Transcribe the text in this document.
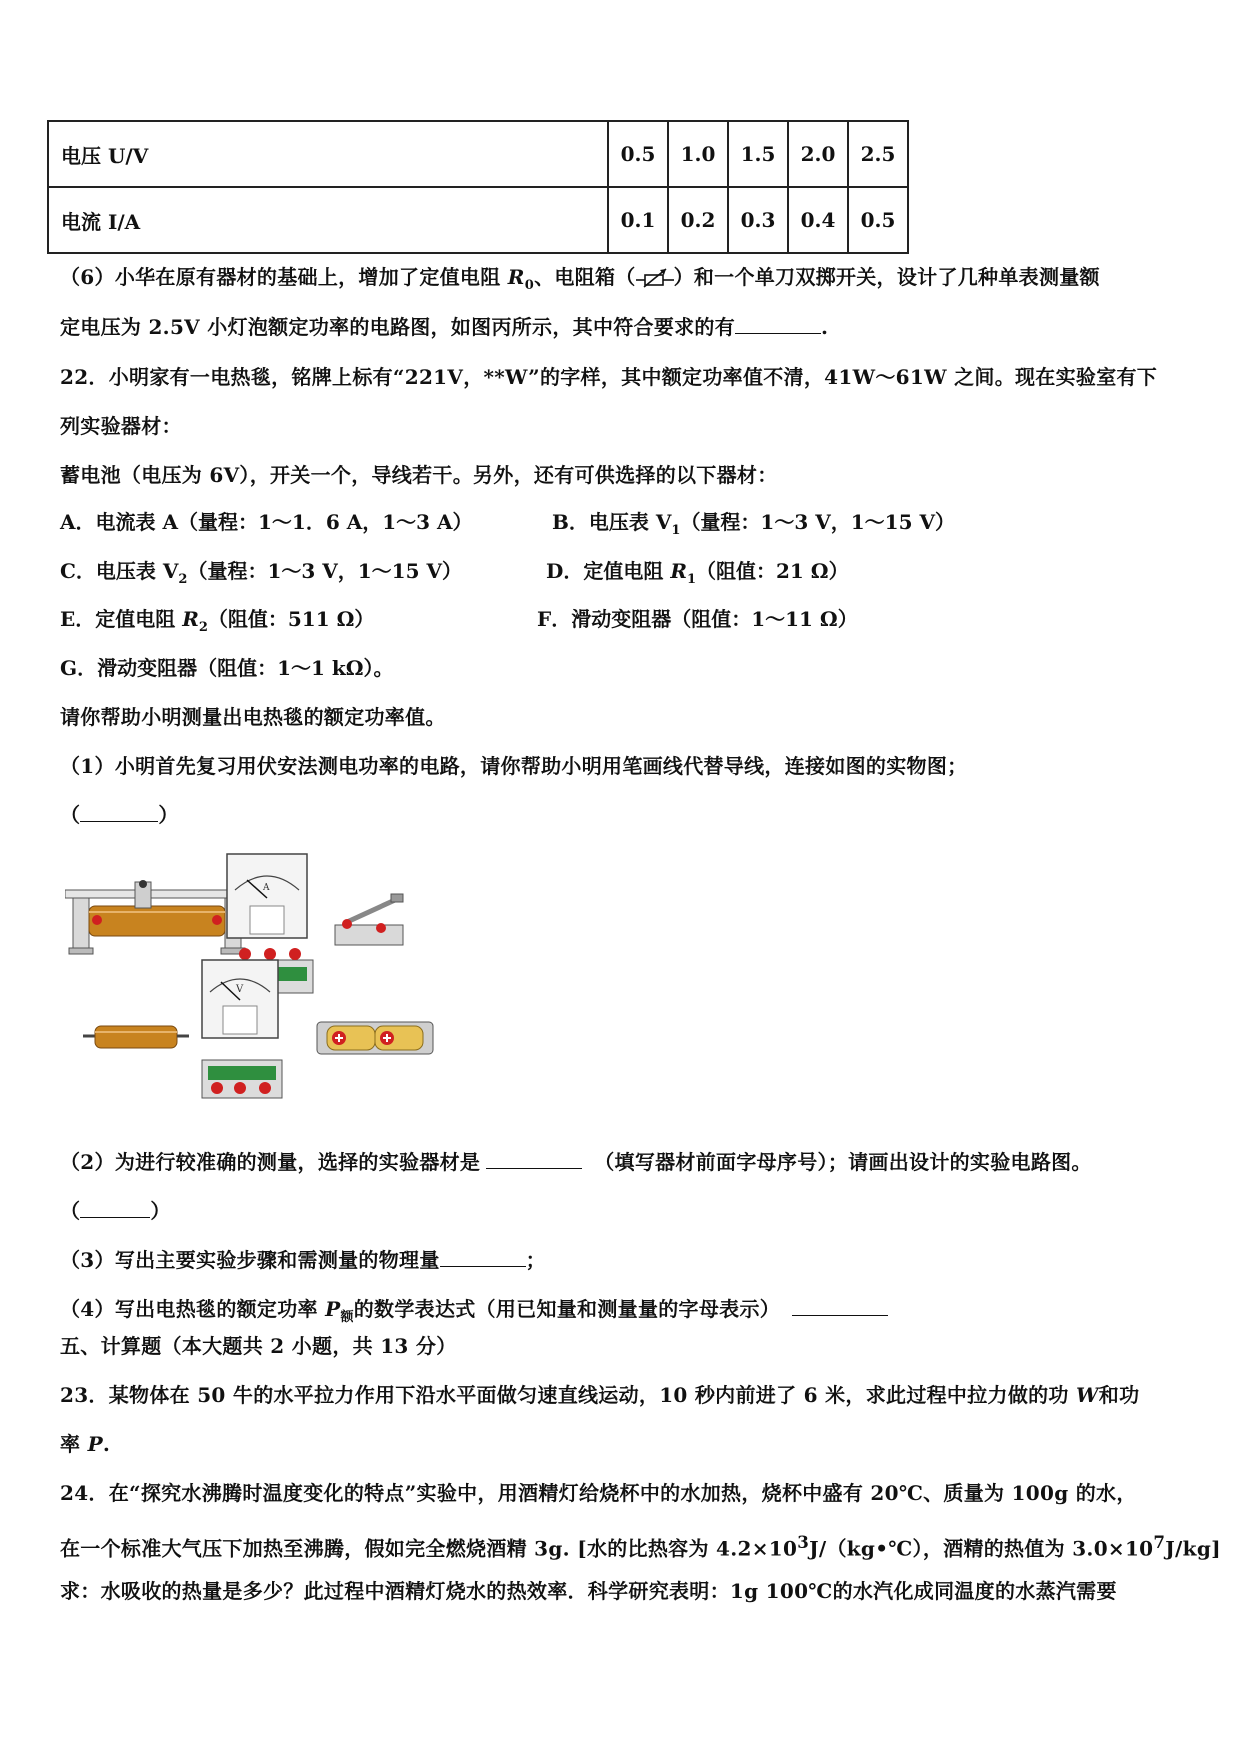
电压 U/V	0.5	1.0	1.5	2.0	2.5
电流 I/A	0.1	0.2	0.3	0.4	0.5
（6）小华在原有器材的基础上，增加了定值电阻 $R_0$、电阻箱（ ）和一个单刀双掷开关，设计了几种单表测量额
定电压为 2.5V 小灯泡额定功率的电路图，如图丙所示，其中符合要求的有	.
22．小明家有一电热毯，铭牌上标有“221V，**W”的字样，其中额定功率值不清，41W～61W 之间。现在实验室有下
列实验器材：
蓄电池（电压为 6V），开关一个，导线若干。另外，还有可供选择的以下器材：
A．电流表 A（量程：1～1．6 A，1～3 A）	B．电压表 $V_1$（量程：1～3 V，1～15 V）
C．电压表 $V_2$（量程：1～3 V，1～15 V）	D．定值电阻 $R_1$（阻值：21 Ω）
E．定值电阻 $R_2$（阻值：511 Ω）	F．滑动变阻器（阻值：1～11 Ω）
G．滑动变阻器（阻值：1～1 kΩ）。
请你帮助小明测量出电热毯的额定功率值。
（1）小明首先复习用伏安法测电功率的电路，请你帮助小明用笔画线代替导线，连接如图的实物图；
（	）
A
V
（2）为进行较准确的测量，选择的实验器材是	（填写器材前面字母序号）；请画出设计的实验电路图。
（	）
（3）写出主要实验步骤和需测量的物理量	；
（4）写出电热毯的额定功率 $P_额$的数学表达式（用已知量和测量量的字母表示）
五、计算题（本大题共 2 小题，共 13 分）
23．某物体在 50 牛的水平拉力作用下沿水平面做匀速直线运动，10 秒内前进了 6 米，求此过程中拉力做的功 W和功
率 P.
24．在“探究水沸腾时温度变化的特点”实验中，用酒精灯给烧杯中的水加热，烧杯中盛有 20℃、质量为 100g 的水，
在一个标准大气压下加热至沸腾，假如完全燃烧酒精 3g. [水的比热容为 $4.2\times 10^3J/(kg•℃)$，酒精的热值为 $3.0\times 10^7J/kg$]
求：水吸收的热量是多少？此过程中酒精灯烧水的热效率．科学研究表明：1g 100℃的水汽化成同温度的水蒸汽需要
